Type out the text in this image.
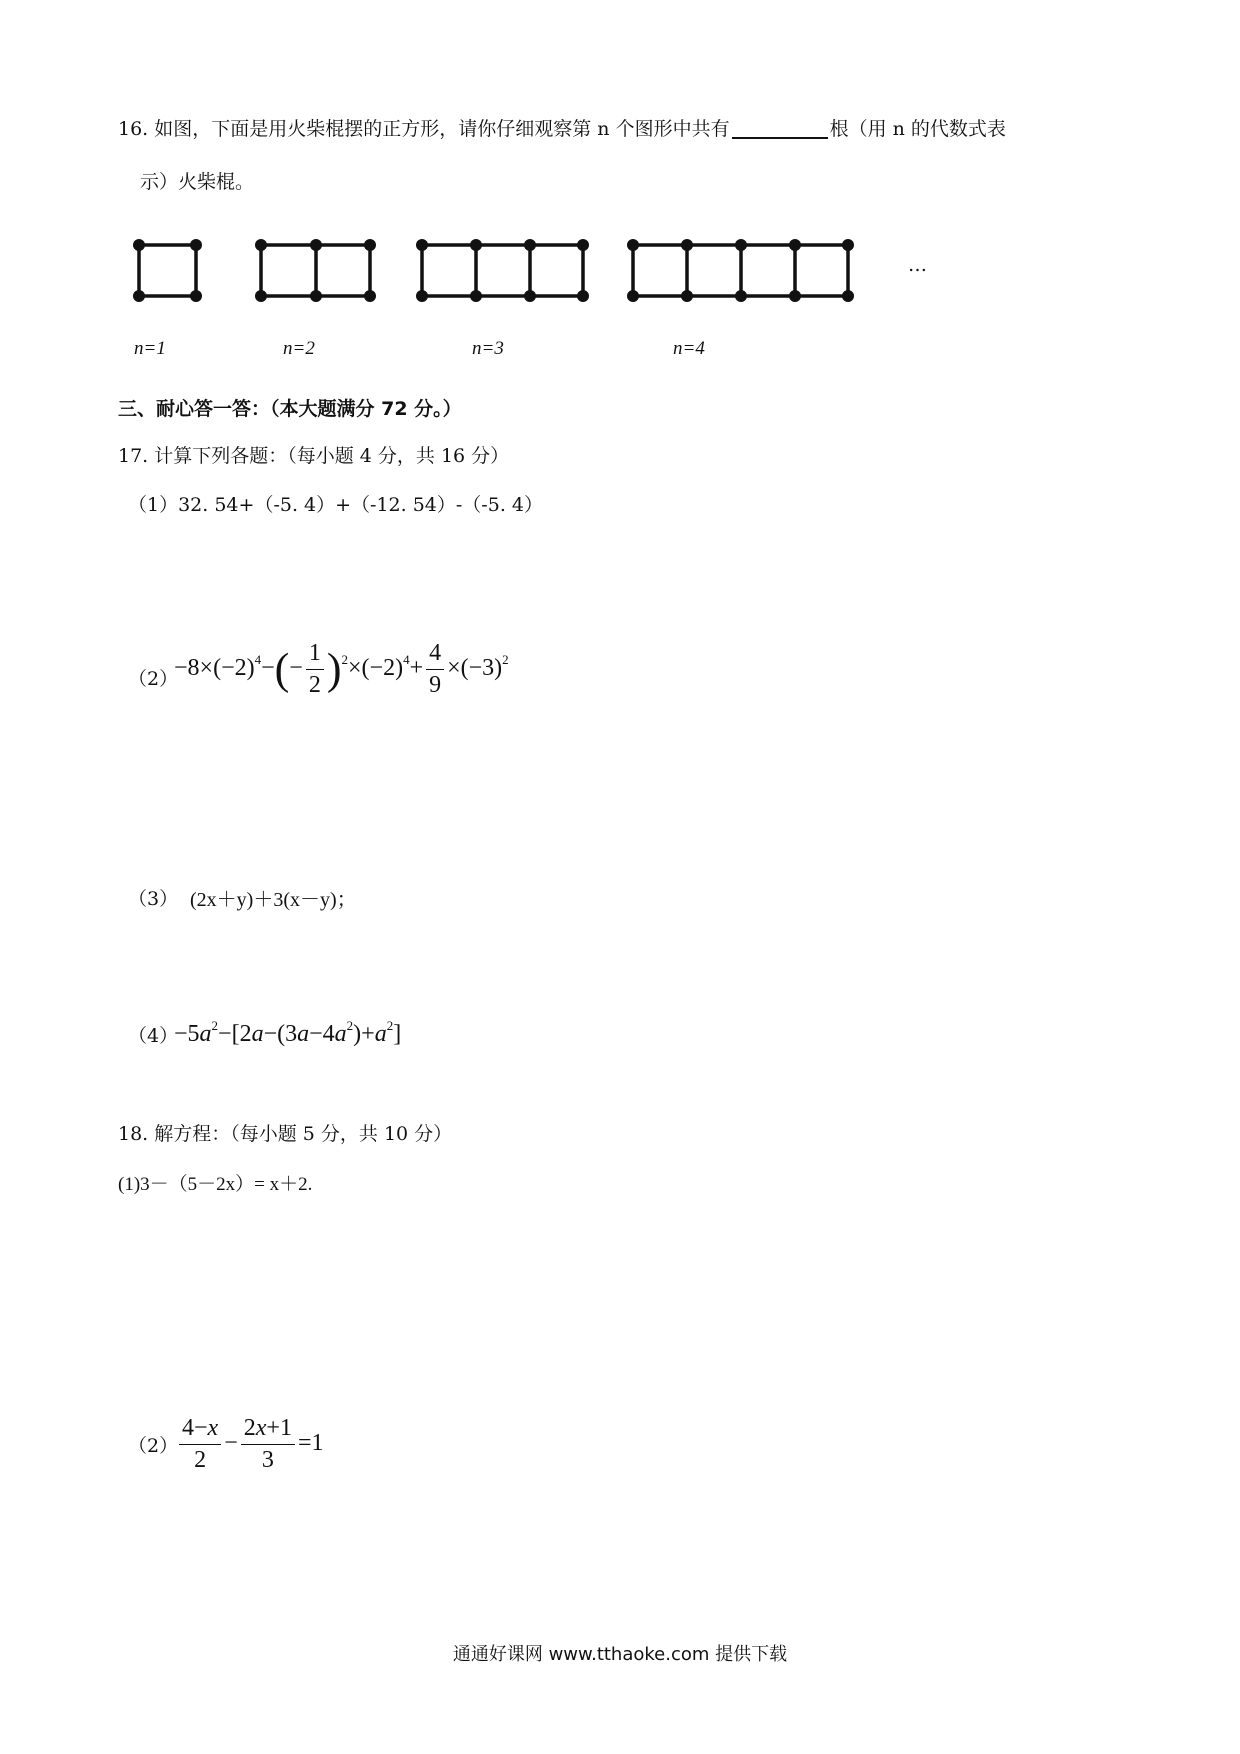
16. 如图，下面是用火柴棍摆的正方形，请你仔细观察第 n 个图形中共有	根（用 n 的代数式表
示）火柴棍。
…
n=1	n=2	n=3	n=4
三、耐心答一答：（本大题满分 72 分。）
17. 计算下列各题：（每小题 4 分，共 16 分）
（1）32. 54+（-5. 4）+（-12. 54）-（-5. 4）
（2）
$-8\times(-2)^4-(- \frac{1}{2} )^2\times(-2)^4+ \frac{4}{9} \times(-3)^2$
（3） (2x＋y)＋3(x－y)；
（4）
$-5a^2-[2a-(3a-4a^2)+a^2]$
18. 解方程：（每小题 5 分，共 10 分）
(1)3－（5－2x）= x＋2.
$(2) \frac{4-x}{2} - \frac{2x+1}{3} =1$
通通好课网 www.tthaoke.com 提供下载
